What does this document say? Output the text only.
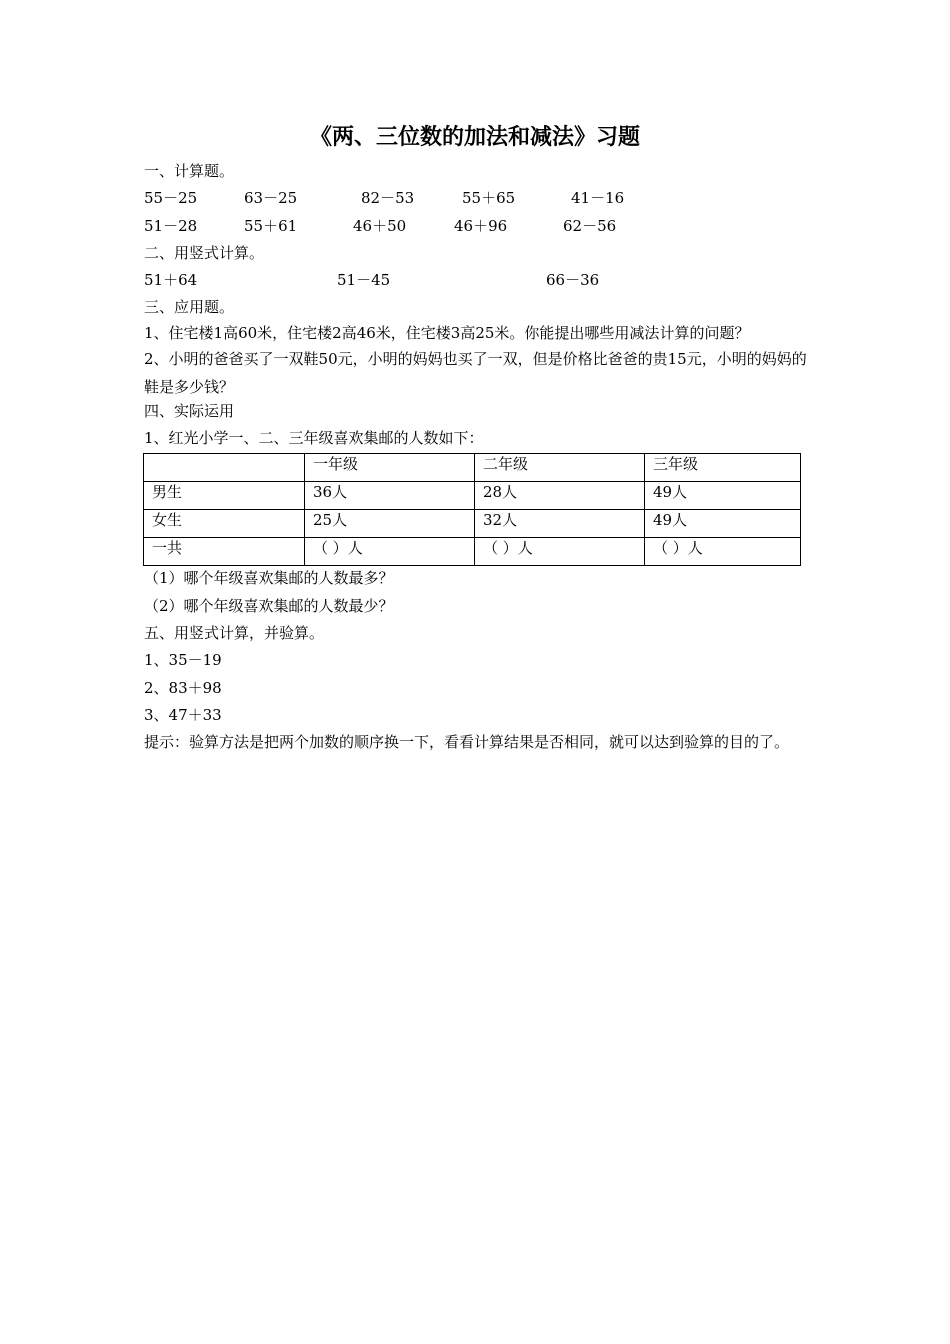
《两、三位数的加法和减法》习题
一、计算题。
55－25	63－25	82－53	55＋65	41－16
51－28	55＋61	46＋50	46＋96	62－56
二、用竖式计算。
51＋64	51－45	66－36
三、应用题。
1、住宅楼1高60米，住宅楼2高46米，住宅楼3高25米。你能提出哪些用减法计算的问题？
2、小明的爸爸买了一双鞋50元，小明的妈妈也买了一双，但是价格比爸爸的贵15元，小明的妈妈的鞋是多少钱？
四、实际运用
1、红光小学一、二、三年级喜欢集邮的人数如下：
	一年级	二年级	三年级
男生	36人	28人	49人
女生	25人	32人	49人
一共	（ ）人	（ ）人	（ ）人
（1）哪个年级喜欢集邮的人数最多？
（2）哪个年级喜欢集邮的人数最少？
五、用竖式计算，并验算。
1、35－19
2、83＋98
3、47＋33
提示：验算方法是把两个加数的顺序换一下，看看计算结果是否相同，就可以达到验算的目的了。
